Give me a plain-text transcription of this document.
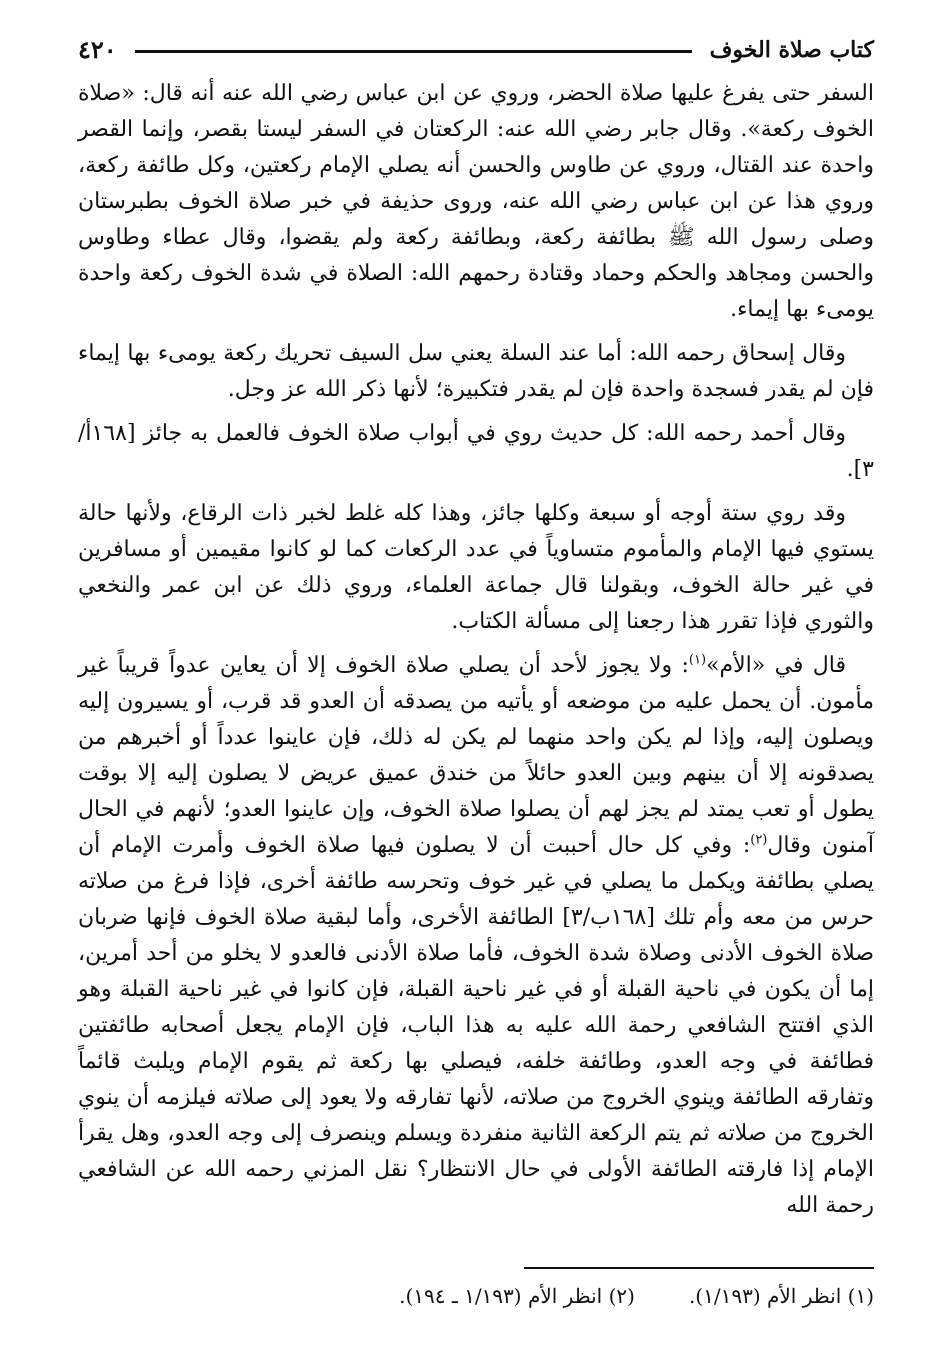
كتاب صلاة الخوف
٤٢٠

السفر حتى يفرغ عليها صلاة الحضر، وروي عن ابن عباس رضي الله عنه أنه قال: «صلاة الخوف ركعة». وقال جابر رضي الله عنه: الركعتان في السفر ليستا بقصر، وإنما القصر واحدة عند القتال، وروي عن طاوس والحسن أنه يصلي الإمام ركعتين، وكل طائفة ركعة، وروي هذا عن ابن عباس رضي الله عنه، وروى حذيفة في خبر صلاة الخوف بطبرستان وصلى رسول الله ﷺ بطائفة ركعة، وبطائفة ركعة ولم يقضوا، وقال عطاء وطاوس والحسن ومجاهد والحكم وحماد وقتادة رحمهم الله: الصلاة في شدة الخوف ركعة واحدة يومىء بها إيماء.

وقال إسحاق رحمه الله: أما عند السلة يعني سل السيف تحريك ركعة يومىء بها إيماء فإن لم يقدر فسجدة واحدة فإن لم يقدر فتكبيرة؛ لأنها ذكر الله عز وجل.

وقال أحمد رحمه الله: كل حديث روي في أبواب صلاة الخوف فالعمل به جائز [١٦٨أ/٣].

وقد روي ستة أوجه أو سبعة وكلها جائز، وهذا كله غلط لخبر ذات الرقاع، ولأنها حالة يستوي فيها الإمام والمأموم متساوياً في عدد الركعات كما لو كانوا مقيمين أو مسافرين في غير حالة الخوف، وبقولنا قال جماعة العلماء، وروي ذلك عن ابن عمر والنخعي والثوري فإذا تقرر هذا رجعنا إلى مسألة الكتاب.

قال في «الأم»$^{(١)}$: ولا يجوز لأحد أن يصلي صلاة الخوف إلا أن يعاين عدواً قريباً غير مأمون. أن يحمل عليه من موضعه أو يأتيه من يصدقه أن العدو قد قرب، أو يسيرون إليه ويصلون إليه، وإذا لم يكن واحد منهما لم يكن له ذلك، فإن عاينوا عدداً أو أخبرهم من يصدقونه إلا أن بينهم وبين العدو حائلاً من خندق عميق عريض لا يصلون إليه إلا بوقت يطول أو تعب يمتد لم يجز لهم أن يصلوا صلاة الخوف، وإن عاينوا العدو؛ لأنهم في الحال آمنون وقال$^{(٢)}$: وفي كل حال أحببت أن لا يصلون فيها صلاة الخوف وأمرت الإمام أن يصلي بطائفة ويكمل ما يصلي في غير خوف وتحرسه طائفة أخرى، فإذا فرغ من صلاته حرس من معه وأم تلك [١٦٨ب/٣] الطائفة الأخرى، وأما لبقية صلاة الخوف فإنها ضربان صلاة الخوف الأدنى وصلاة شدة الخوف، فأما صلاة الأدنى فالعدو لا يخلو من أحد أمرين، إما أن يكون في ناحية القبلة أو في غير ناحية القبلة، فإن كانوا في غير ناحية القبلة وهو الذي افتتح الشافعي رحمة الله عليه به هذا الباب، فإن الإمام يجعل أصحابه طائفتين فطائفة في وجه العدو، وطائفة خلفه، فيصلي بها ركعة ثم يقوم الإمام ويلبث قائماً وتفارقه الطائفة وينوي الخروج من صلاته، لأنها تفارقه ولا يعود إلى صلاته فيلزمه أن ينوي الخروج من صلاته ثم يتم الركعة الثانية منفردة ويسلم وينصرف إلى وجه العدو، وهل يقرأ الإمام إذا فارقته الطائفة الأولى في حال الانتظار؟ نقل المزني رحمه الله عن الشافعي رحمة الله

(١) انظر الأم (١/١٩٣).
(٢) انظر الأم (١/١٩٣ ـ ١٩٤).
